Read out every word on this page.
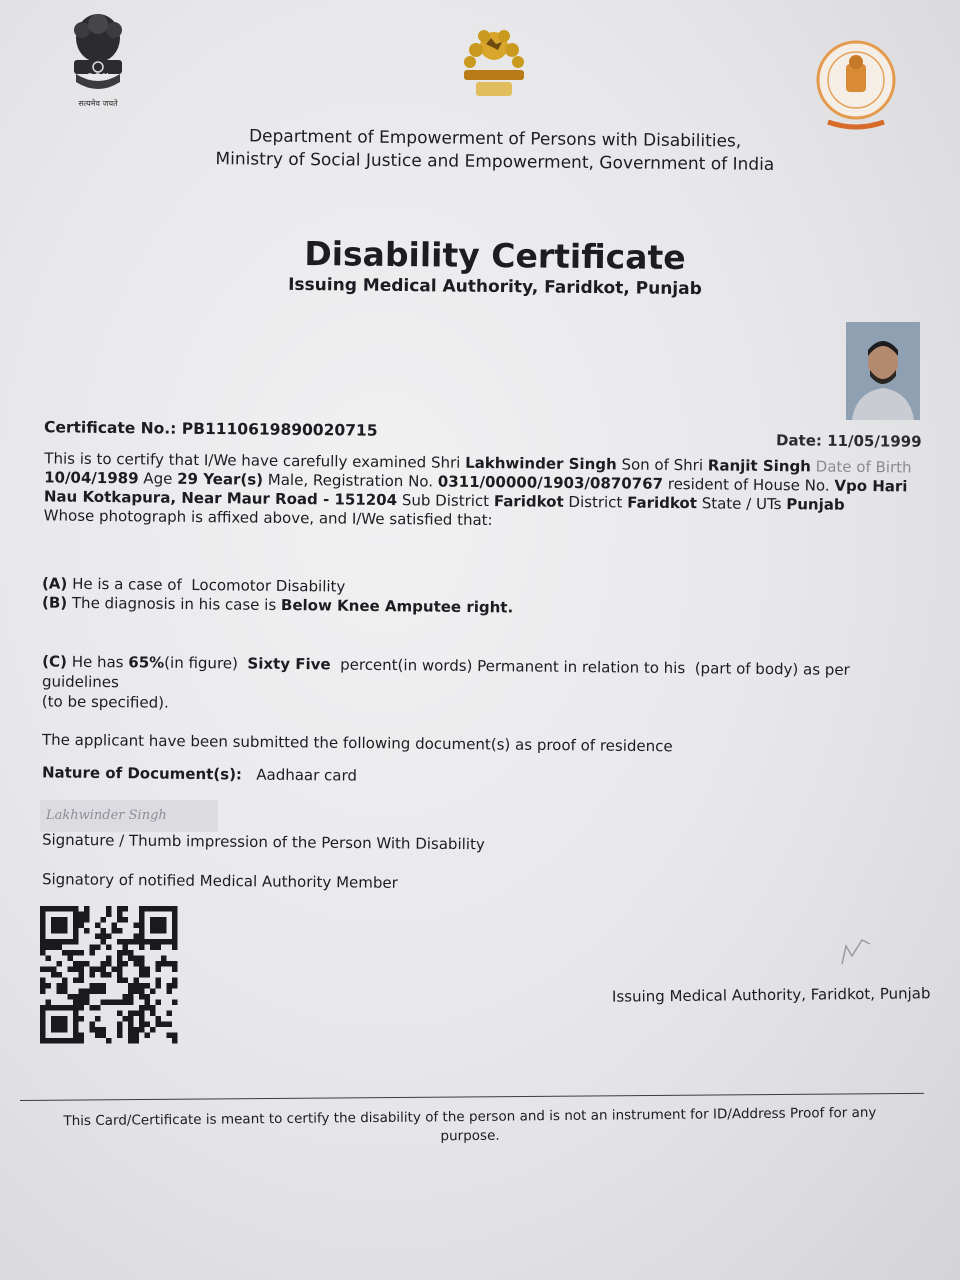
G O M
सत्यमेव जयते
Department of Empowerment of Persons with Disabilities,
Ministry of Social Justice and Empowerment, Government of India
Disability Certificate
Issuing Medical Authority, Faridkot, Punjab
Certificate No.: PB1110619890020715
Date: 11/05/1999
This is to certify that I/We have carefully examined Shri Lakhwinder Singh Son of Shri Ranjit Singh Date of Birth 10/04/1989 Age 29 Year(s) Male, Registration No. 0311/00000/1903/0870767 resident of House No. Vpo Hari Nau Kotkapura, Near Maur Road - 151204 Sub District Faridkot District Faridkot State / UTs Punjab
Whose photograph is affixed above, and I/We satisfied that:
(A) He is a case of Locomotor Disability
(B) The diagnosis in his case is Below Knee Amputee right.
(C) He has 65%(in figure) Sixty Five percent(in words) Permanent in relation to his (part of body) as per guidelines
(to be specified).
The applicant have been submitted the following document(s) as proof of residence
Nature of Document(s): Aadhaar card
Lakhwinder Singh
Signature / Thumb impression of the Person With Disability
Signatory of notified Medical Authority Member
Issuing Medical Authority, Faridkot, Punjab
This Card/Certificate is meant to certify the disability of the person and is not an instrument for ID/Address Proof for any
purpose.
